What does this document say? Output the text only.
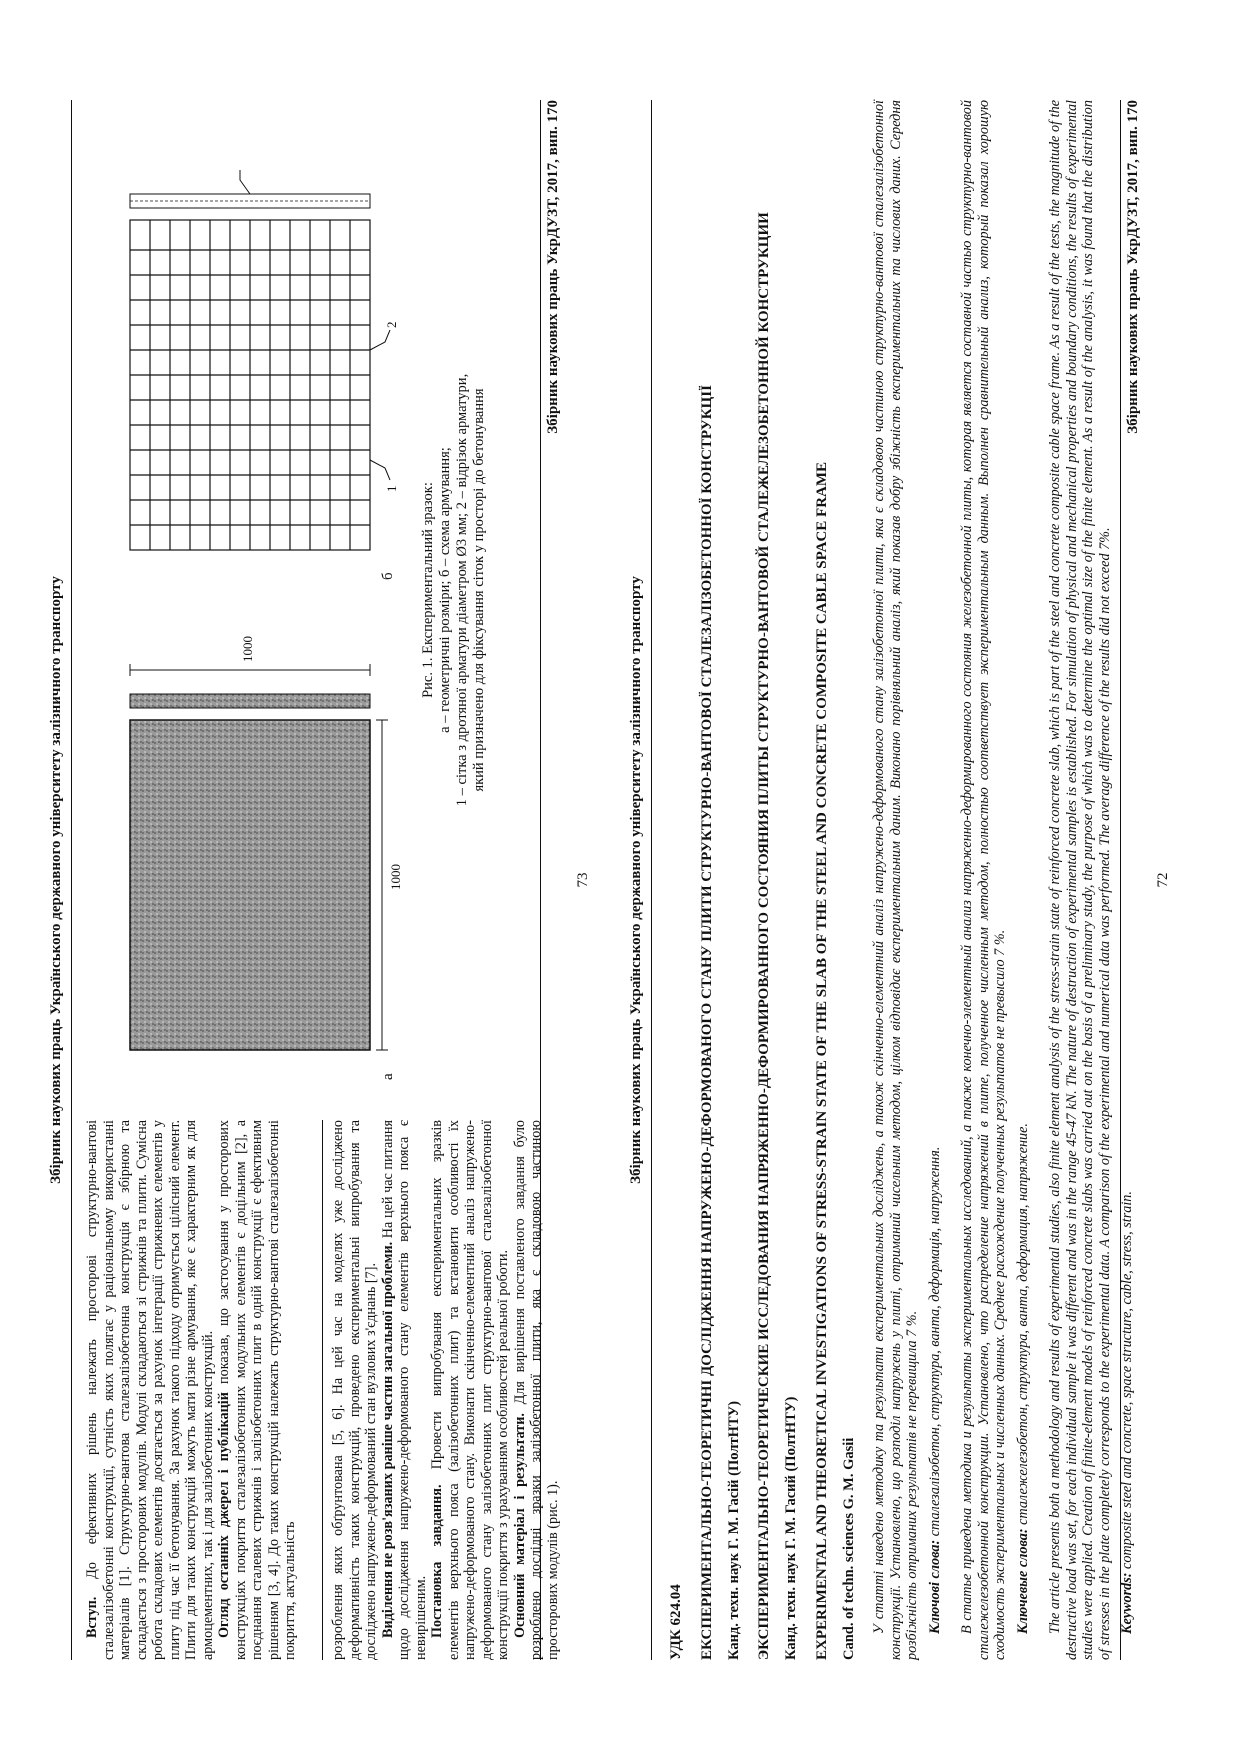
Збірник наукових праць Українського державного університету залізничного транспорту

Вступ. До ефективних рішень належать просторові структурно-вантові сталезалізобетонні конструкції, сутність яких полягає у раціональному використанні матеріалів [1]. Структурно-вантова сталезалізобетонна конструкція є збірною та складається з просторових модулів. Модулі складаються зі стрижнів та плити. Сумісна робота складових елементів досягається за рахунок інтеграції стрижневих елементів у плиту під час її бетонування. За рахунок такого підходу отримується цілісний елемент. Плити для таких конструкцій можуть мати різне армування, яке є характерним як для армоцементних, так і для залізобетонних конструкцій. Огляд останніх джерел і публікацій показав, що застосування у просторових конструкціях покриття сталезалізобетонних модульних елементів є доцільним [2], а поєднання сталевих стрижнів і залізобетонних плит в одній конструкції є ефективним рішенням [3, 4]. До таких конструкцій належать структурно-вантові сталезалізобетонні покриття, актуальність розроблення яких обґрунтована [5, 6]. На цей час на моделях уже досліджено деформативність таких конструкцій, проведено експериментальні випробування та досліджено напружено-деформований стан вузлових з'єднань [7]. Виділення не розв'язаних раніше частин загальної проблеми. На цей час питання щодо дослідження напружено-деформованого стану елементів верхнього пояса є невирішеним. Постановка завдання. Провести випробування експериментальних зразків елементів верхнього пояса (залізобетонних плит) та встановити особливості їх напружено-деформованого стану. Виконати скінченно-елементний аналіз напружено-деформованого стану залізобетонних плит структурно-вантової сталезалізобетонної конструкції покриття з урахуванням особливостей реальної роботи. Основний матеріал і результати. Для вирішення поставленого завдання було розроблено дослідні зразки залізобетонної плити, яка є складовою частиною просторових модулів (рис. 1).

1000
1000
а
1
2
б Рис. 1. Експериментальний зразок: а – геометричні розміри; б – схема армування; 1 – сітка з дротяної арматури діаметром Ø3 мм; 2 – відрізок арматури, який призначено для фіксування сіток у просторі до бетонування
Збірник наукових праць УкрДУЗТ, 2017, вип. 170
73 Збірник наукових праць Українського державного університету залізничного транспорту
УДК 624.04 ЕКСПЕРИМЕНТАЛЬНО-ТЕОРЕТИЧНІ ДОСЛІДЖЕННЯ НАПРУЖЕНО-ДЕФОРМОВАНОГО СТАНУ ПЛИТИ СТРУКТУРНО-ВАНТОВОЇ СТАЛЕЗАЛІЗОБЕТОННОЇ КОНСТРУКЦІЇ Канд. техн. наук Г. М. Гасій (ПолтНТУ) ЭКСПЕРИМЕНТАЛЬНО-ТЕОРЕТИЧЕСКИЕ ИССЛЕДОВАНИЯ НАПРЯЖЕННО-ДЕФОРМИРОВАННОГО СОСТОЯНИЯ ПЛИТЫ СТРУКТУРНО-ВАНТОВОЙ СТАЛЕЖЕЛЕЗОБЕТОННОЙ КОНСТРУКЦИИ Канд. техн. наук Г. М. Гасий (ПолтНТУ) EXPERIMENTAL AND THEORETICAL INVESTIGATIONS OF STRESS-STRAIN STATE OF THE SLAB OF THE STEEL AND CONCRETE COMPOSITE CABLE SPACE FRAME Cand. of techn. sciences G. M. Gasii У статті наведено методику та результати експериментальних досліджень, а також скінченно-елементний аналіз напружено-деформованого стану залізобетонної плити, яка є складовою частиною структурно-вантової сталезалізобетонної конструкції. Установлено, що розподіл напружень у плиті, отриманий чисельним методом, цілком відповідає експериментальним даним. Виконано порівняльний аналіз, який показав добру збіжність експериментальних та числових даних. Середня розбіжність отриманих результатів не перевищила 7 %. Ключові слова: сталезалізобетон, структура, ванта, деформація, напруження. В статье приведена методика и результаты экспериментальных исследований, а также конечно-элементный анализ напряженно-деформированного состояния железобетонной плиты, которая является составной частью структурно-вантовой сталежелезобетонной конструкции. Установлено, что распределение напряжений в плите, полученное численным методом, полностью соответствует экспериментальным данным. Выполнен сравнительный анализ, который показал хорошую сходимость экспериментальных и численных данных. Среднее расхождение полученных результатов не превысило 7 %. Ключевые слова: сталежелезобетон, структура, ванта, деформация, напряжение. The article presents both a methodology and results of experimental studies, also finite element analysis of the stress-strain state of reinforced concrete slab, which is part of the steel and concrete composite cable space frame. As a result of the tests, the magnitude of the destructive load was set, for each individual sample it was different and was in the range 45-47 kN. The nature of destruction of experimental samples is established. For simulation of physical and mechanical properties and boundary conditions, the results of experimental studies were applied. Creation of finite-element models of reinforced concrete slabs was carried out on the basis of a preliminary study, the purpose of which was to determine the optimal size of the finite element. As a result of the analysis, it was found that the distribution of stresses in the plate completely corresponds to the experimental data. A comparison of the experimental and numerical data was performed. The average difference of the results did not exceed 7%. Keywords: composite steel and concrete, space structure, cable, stress, strain.

Збірник наукових праць УкрДУЗТ, 2017, вип. 170
72
